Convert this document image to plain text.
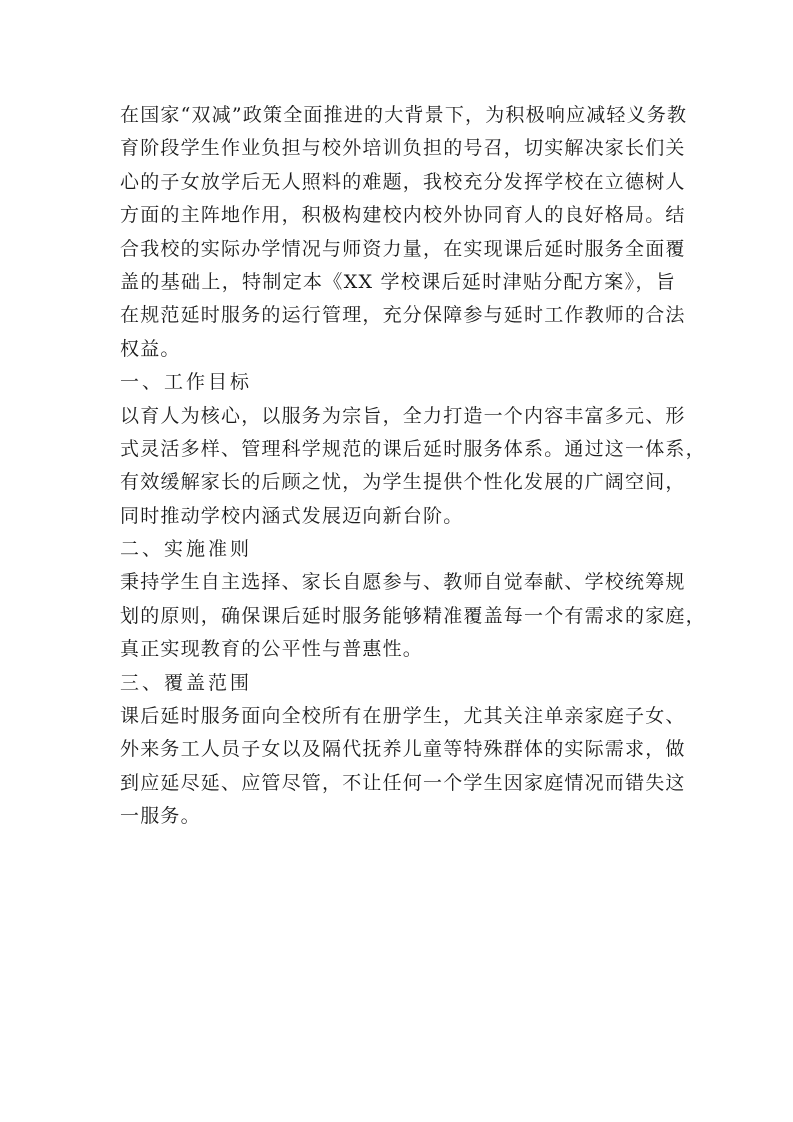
在国家“双减”政策全面推进的大背景下，为积极响应减轻义务教
育阶段学生作业负担与校外培训负担的号召，切实解决家长们关
心的子女放学后无人照料的难题，我校充分发挥学校在立德树人
方面的主阵地作用，积极构建校内校外协同育人的良好格局。结
合我校的实际办学情况与师资力量，在实现课后延时服务全面覆
盖的基础上，特制定本《XX 学校课后延时津贴分配方案》，旨
在规范延时服务的运行管理，充分保障参与延时工作教师的合法
权益。
一、工作目标
以育人为核心，以服务为宗旨，全力打造一个内容丰富多元、形
式灵活多样、管理科学规范的课后延时服务体系。通过这一体系，
有效缓解家长的后顾之忧，为学生提供个性化发展的广阔空间，
同时推动学校内涵式发展迈向新台阶。
二、实施准则
秉持学生自主选择、家长自愿参与、教师自觉奉献、学校统筹规
划的原则，确保课后延时服务能够精准覆盖每一个有需求的家庭，
真正实现教育的公平性与普惠性。
三、覆盖范围
课后延时服务面向全校所有在册学生，尤其关注单亲家庭子女、
外来务工人员子女以及隔代抚养儿童等特殊群体的实际需求，做
到应延尽延、应管尽管，不让任何一个学生因家庭情况而错失这
一服务。
